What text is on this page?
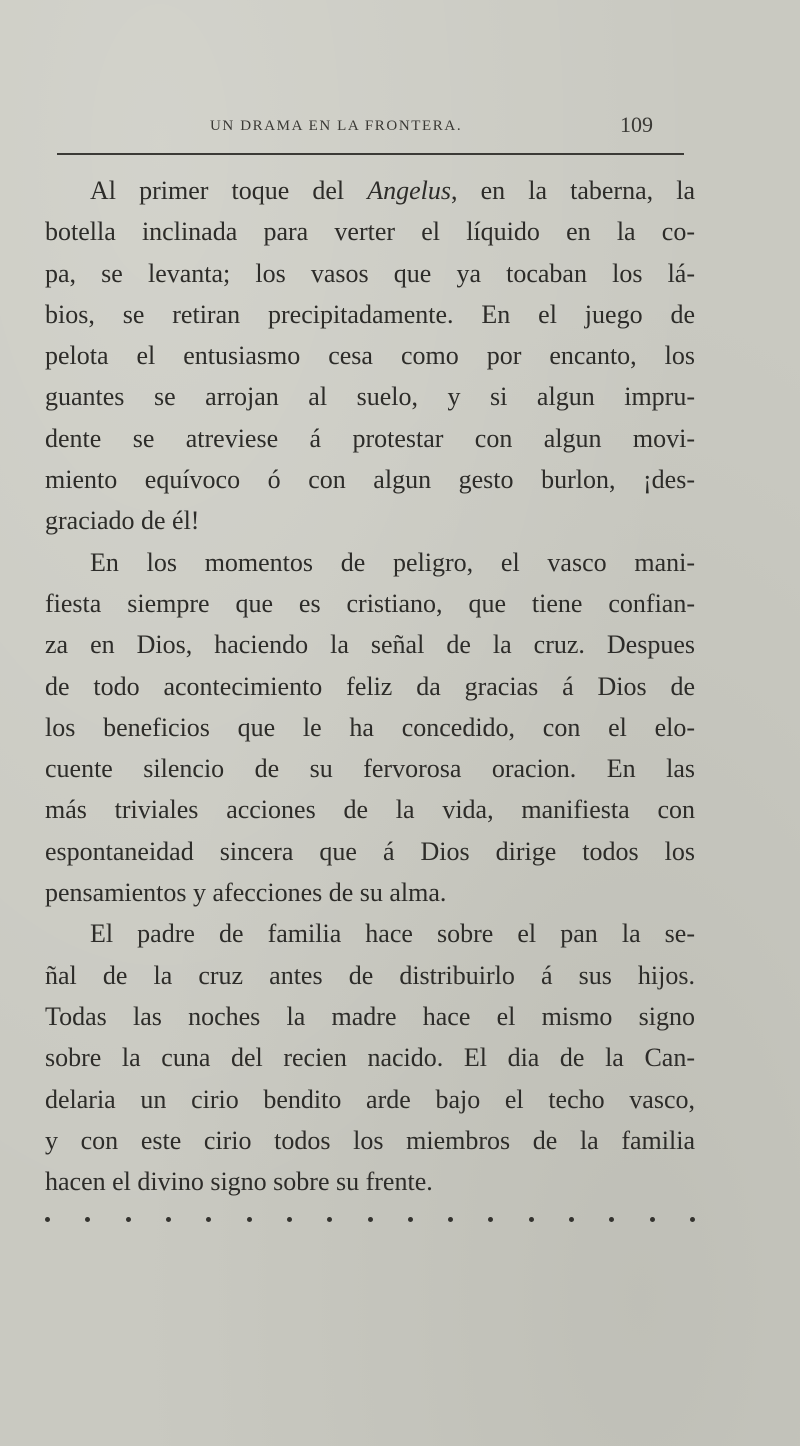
UN DRAMA EN LA FRONTERA.	109
Al primer toque del Angelus, en la taberna, la
botella inclinada para verter el líquido en la co-
pa, se levanta; los vasos que ya tocaban los lá-
bios, se retiran precipitadamente. En el juego de
pelota el entusiasmo cesa como por encanto, los
guantes se arrojan al suelo, y si algun impru-
dente se atreviese á protestar con algun movi-
miento equívoco ó con algun gesto burlon, ¡des-
graciado de él!
En los momentos de peligro, el vasco mani-
fiesta siempre que es cristiano, que tiene confian-
za en Dios, haciendo la señal de la cruz. Despues
de todo acontecimiento feliz da gracias á Dios de
los beneficios que le ha concedido, con el elo-
cuente silencio de su fervorosa oracion. En las
más triviales acciones de la vida, manifiesta con
espontaneidad sincera que á Dios dirige todos los
pensamientos y afecciones de su alma.
El padre de familia hace sobre el pan la se-
ñal de la cruz antes de distribuirlo á sus hijos.
Todas las noches la madre hace el mismo signo
sobre la cuna del recien nacido. El dia de la Can-
delaria un cirio bendito arde bajo el techo vasco,
y con este cirio todos los miembros de la familia
hacen el divino signo sobre su frente.
